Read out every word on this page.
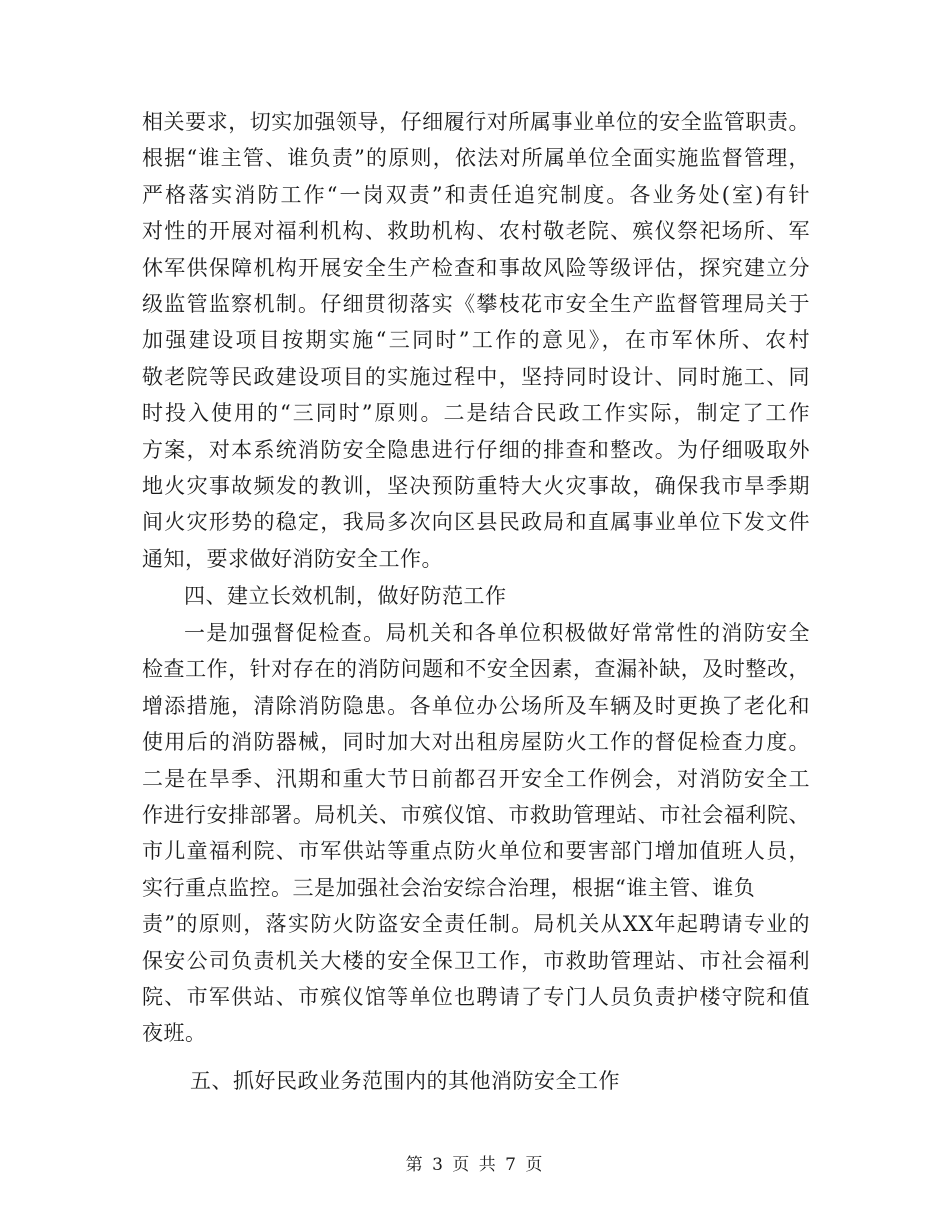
相关要求，切实加强领导，仔细履行对所属事业单位的安全监管职责。
根据“谁主管、谁负责”的原则，依法对所属单位全面实施监督管理，
严格落实消防工作“一岗双责”和责任追究制度。各业务处(室)有针
对性的开展对福利机构、救助机构、农村敬老院、殡仪祭祀场所、军
休军供保障机构开展安全生产检查和事故风险等级评估，探究建立分
级监管监察机制。仔细贯彻落实《攀枝花市安全生产监督管理局关于
加强建设项目按期实施“三同时”工作的意见》，在市军休所、农村
敬老院等民政建设项目的实施过程中，坚持同时设计、同时施工、同
时投入使用的“三同时”原则。二是结合民政工作实际，制定了工作
方案，对本系统消防安全隐患进行仔细的排查和整改。为仔细吸取外
地火灾事故频发的教训，坚决预防重特大火灾事故，确保我市旱季期
间火灾形势的稳定，我局多次向区县民政局和直属事业单位下发文件
通知，要求做好消防安全工作。
四、建立长效机制，做好防范工作
一是加强督促检查。局机关和各单位积极做好常常性的消防安全
检查工作，针对存在的消防问题和不安全因素，查漏补缺，及时整改，
增添措施，清除消防隐患。各单位办公场所及车辆及时更换了老化和
使用后的消防器械，同时加大对出租房屋防火工作的督促检查力度。
二是在旱季、汛期和重大节日前都召开安全工作例会，对消防安全工
作进行安排部署。局机关、市殡仪馆、市救助管理站、市社会福利院、
市儿童福利院、市军供站等重点防火单位和要害部门增加值班人员，
实行重点监控。三是加强社会治安综合治理，根据“谁主管、谁负
责”的原则，落实防火防盗安全责任制。局机关从XX年起聘请专业的
保安公司负责机关大楼的安全保卫工作，市救助管理站、市社会福利
院、市军供站、市殡仪馆等单位也聘请了专门人员负责护楼守院和值
夜班。
五、抓好民政业务范围内的其他消防安全工作
第 3 页 共 7 页
